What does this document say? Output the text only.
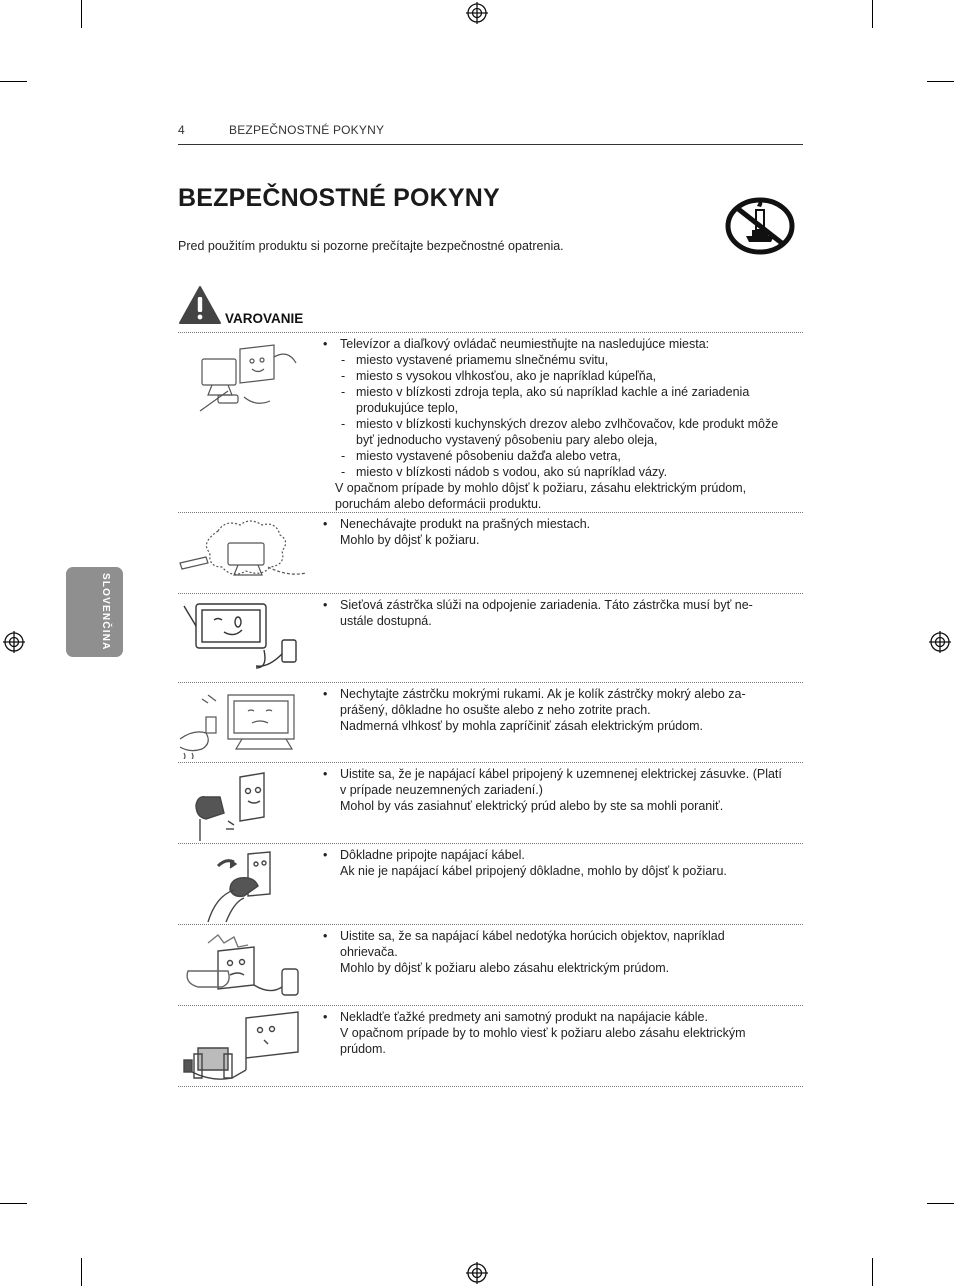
4	BEZPEČNOSTNÉ POKYNY
BEZPEČNOSTNÉ POKYNY
Pred použitím produktu si pozorne prečítajte bezpečnostné opatrenia.
VAROVANIE
SLOVENČINA
• Televízor a diaľkový ovládač neumiestňujte na nasledujúce miesta:
- miesto vystavené priamemu slnečnému svitu,
- miesto s vysokou vlhkosťou, ako je napríklad kúpeľňa,
- miesto v blízkosti zdroja tepla, ako sú napríklad kachle a iné zariadenia produkujúce teplo,
- miesto v blízkosti kuchynských drezov alebo zvlhčovačov, kde produkt môže byť jednoducho vystavený pôsobeniu pary alebo oleja,
- miesto vystavené pôsobeniu dažďa alebo vetra,
- miesto v blízkosti nádob s vodou, ako sú napríklad vázy.
V opačnom prípade by mohlo dôjsť k požiaru, zásahu elektrickým prúdom, poruchám alebo deformácii produktu.
• Nenechávajte produkt na prašných miestach.
Mohlo by dôjsť k požiaru.
• Sieťová zástrčka slúži na odpojenie zariadenia. Táto zástrčka musí byť ne-ustále dostupná.
• Nechytajte zástrčku mokrými rukami. Ak je kolík zástrčky mokrý alebo za-prášený, dôkladne ho osušte alebo z neho zotrite prach.
Nadmerná vlhkosť by mohla zapríčiniť zásah elektrickým prúdom.
• Uistite sa, že je napájací kábel pripojený k uzemnenej elektrickej zásuvke. (Platí v prípade neuzemnených zariadení.)
Mohol by vás zasiahnuť elektrický prúd alebo by ste sa mohli poraniť.
• Dôkladne pripojte napájací kábel.
Ak nie je napájací kábel pripojený dôkladne, mohlo by dôjsť k požiaru.
• Uistite sa, že sa napájací kábel nedotýka horúcich objektov, napríklad ohrievača.
Mohlo by dôjsť k požiaru alebo zásahu elektrickým prúdom.
• Nekladťe ťažké predmety ani samotný produkt na napájacie káble.
V opačnom prípade by to mohlo viesť k požiaru alebo zásahu elektrickým prúdom.
